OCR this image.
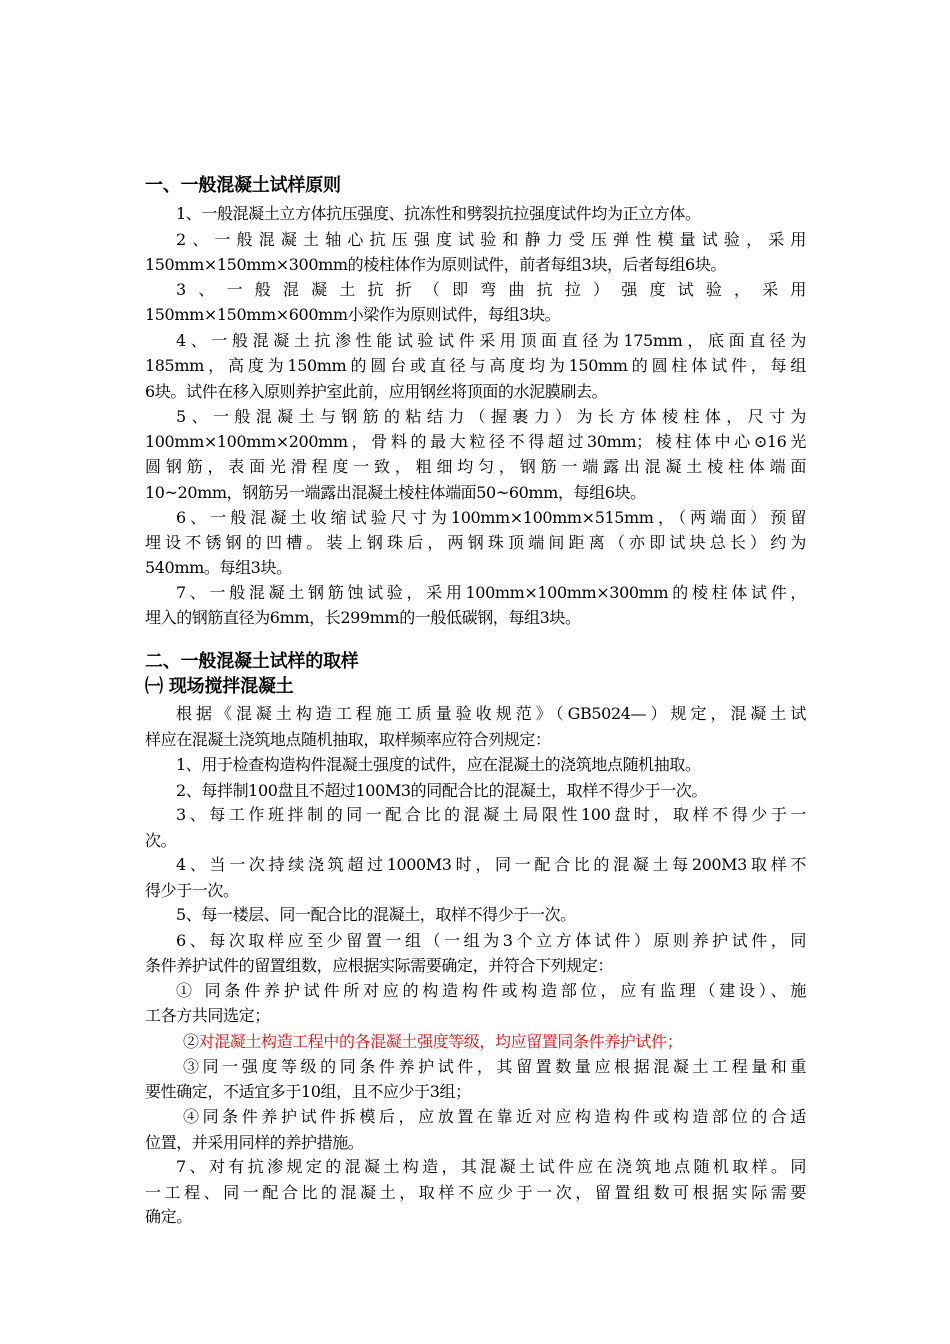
一、一般混凝土试样原则
1、一般混凝土立方体抗压强度、抗冻性和劈裂抗拉强度试件均为正立方体。
2、一般混凝土轴心抗压强度试验和静力受压弹性模量试验，采用
150mm×150mm×300mm的棱柱体作为原则试件，前者每组3块，后者每组6块。
3、一般混凝土抗折（即弯曲抗拉）强度试验，采用
150mm×150mm×600mm小梁作为原则试件，每组3块。
4、一般混凝土抗渗性能试验试件采用顶面直径为175mm，底面直径为
185mm，高度为150mm的圆台或直径与高度均为150mm的圆柱体试件，每组
6块。试件在移入原则养护室此前，应用钢丝将顶面的水泥膜刷去。
5、一般混凝土与钢筋的粘结力（握裹力）为长方体棱柱体，尺寸为
100mm×100mm×200mm，骨料的最大粒径不得超过30mm；棱柱体中心⊙16光
圆钢筋，表面光滑程度一致，粗细均匀，钢筋一端露出混凝土棱柱体端面
10~20mm，钢筋另一端露出混凝土棱柱体端面50~60mm，每组6块。
6、一般混凝土收缩试验尺寸为100mm×100mm×515mm，（两端面）预留
埋设不锈钢的凹槽。装上钢珠后，两钢珠顶端间距离（亦即试块总长）约为
540mm。每组3块。
7、一般混凝土钢筋蚀试验，采用100mm×100mm×300mm的棱柱体试件，
埋入的钢筋直径为6mm，长299mm的一般低碳钢，每组3块。
二、一般混凝土试样的取样
㈠ 现场搅拌混凝土
根据《混凝土构造工程施工质量验收规范》（GB5024—）规定，混凝土试
样应在混凝土浇筑地点随机抽取，取样频率应符合列规定：
1、用于检查构造构件混凝土强度的试件，应在混凝土的浇筑地点随机抽取。
2、每拌制100盘且不超过100M3的同配合比的混凝土，取样不得少于一次。
3、每工作班拌制的同一配合比的混凝土局限性100盘时，取样不得少于一
次。
4、当一次持续浇筑超过1000M3时，同一配合比的混凝土每200M3取样不
得少于一次。
5、每一楼层、同一配合比的混凝土，取样不得少于一次。
6、每次取样应至少留置一组（一组为3个立方体试件）原则养护试件，同
条件养护试件的留置组数，应根据实际需要确定，并符合下列规定：
① 同条件养护试件所对应的构造构件或构造部位，应有监理（建设）、施
工各方共同选定；
②对混凝土构造工程中的各混凝土强度等级，均应留置同条件养护试件；
③同一强度等级的同条件养护试件，其留置数量应根据混凝土工程量和重
要性确定，不适宜多于10组，且不应少于3组；
④同条件养护试件拆模后，应放置在靠近对应构造构件或构造部位的合适
位置，并采用同样的养护措施。
7、对有抗渗规定的混凝土构造，其混凝土试件应在浇筑地点随机取样。同
一工程、同一配合比的混凝土，取样不应少于一次，留置组数可根据实际需要
确定。
